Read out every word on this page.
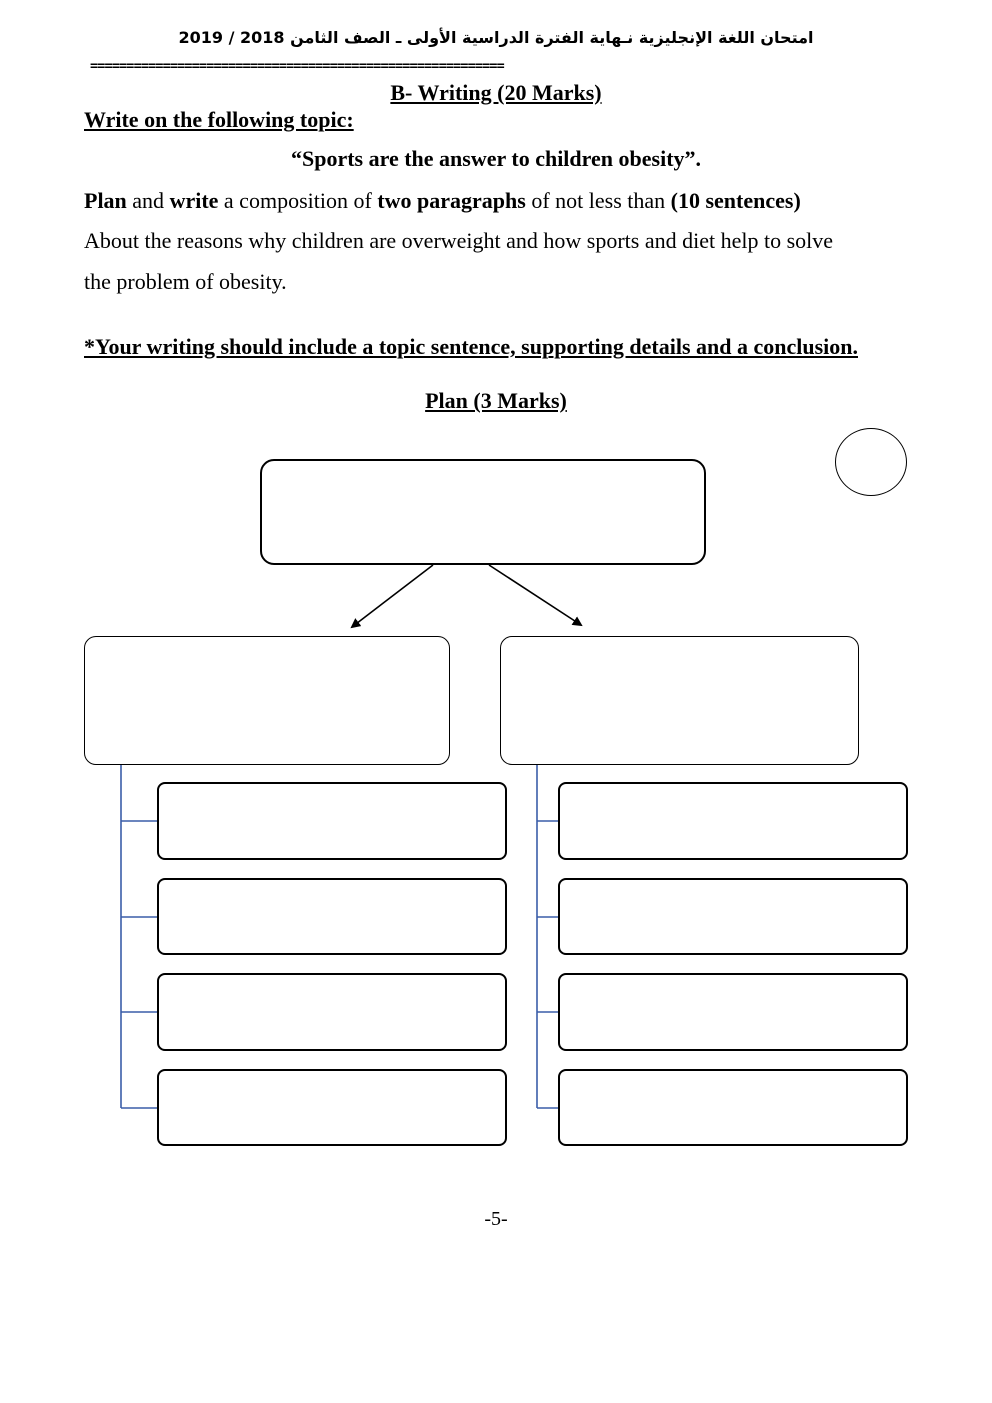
امتحان اللغة الإنجليزية نـهاية الفترة الدراسية الأولى ـ الصف الثامن 2018 / 2019
=========================================================
B- Writing (20 Marks)
Write on the following topic:
“Sports are the answer to children obesity”.
Plan and write a composition of two paragraphs of not less than (10 sentences)
About the reasons why children are overweight and how sports and diet help to solve
the problem of obesity.
*Your writing should include a topic sentence, supporting details and a conclusion.
Plan (3 Marks)
-5-
